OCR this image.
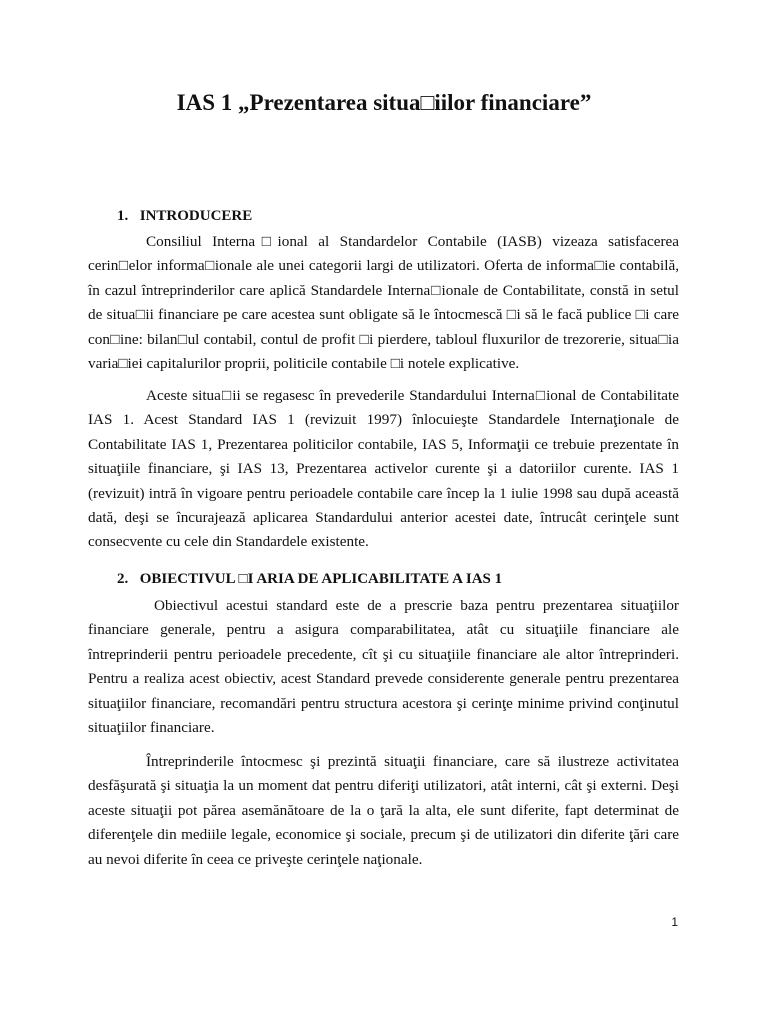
IAS 1 „Prezentarea situa□iilor financiare”
1. INTRODUCERE

Consiliul Interna□ional al Standardelor Contabile (IASB) vizeaza satisfacerea cerin□elor informa□ionale ale unei categorii largi de utilizatori. Oferta de informa□ie contabilă, în cazul întreprinderilor care aplică Standardele Interna□ionale de Contabilitate, constă in setul de situa□ii financiare pe care acestea sunt obligate să le întocmescă □i să le facă publice □i care con□ine: bilan□ul contabil, contul de profit □i pierdere, tabloul fluxurilor de trezorerie, situa□ia varia□iei capitalurilor proprii, politicile contabile □i notele explicative.

Aceste situa□ii se regasesc în prevederile Standardului Interna□ional de Contabilitate IAS 1. Acest Standard IAS 1 (revizuit 1997) înlocuieşte Standardele Internaţionale de Contabilitate IAS 1, Prezentarea politicilor contabile, IAS 5, Informaţii ce trebuie prezentate în situaţiile financiare, şi IAS 13, Prezentarea activelor curente şi a datoriilor curente. IAS 1 (revizuit) intră în vigoare pentru perioadele contabile care încep la 1 iulie 1998 sau după această dată, deşi se încurajează aplicarea Standardului anterior acestei date, întrucât cerinţele sunt consecvente cu cele din Standardele existente.

2. OBIECTIVUL □I ARIA DE APLICABILITATE A IAS 1

Obiectivul acestui standard este de a prescrie baza pentru prezentarea situaţiilor financiare generale, pentru a asigura comparabilitatea, atât cu situaţiile financiare ale întreprinderii pentru perioadele precedente, cît şi cu situaţiile financiare ale altor întreprinderi. Pentru a realiza acest obiectiv, acest Standard prevede considerente generale pentru prezentarea situaţiilor financiare, recomandări pentru structura acestora şi cerinţe minime privind conţinutul situaţiilor financiare.

Întreprinderile întocmesc şi prezintă situaţii financiare, care să ilustreze activitatea desfăşurată şi situaţia la un moment dat pentru diferiţi utilizatori, atât interni, cât şi externi. Deşi aceste situaţii pot părea asemănătoare de la o ţară la alta, ele sunt diferite, fapt determinat de diferenţele din mediile legale, economice şi sociale, precum şi de utilizatori din diferite ţări care au nevoi diferite în ceea ce priveşte cerinţele naţionale.

1
